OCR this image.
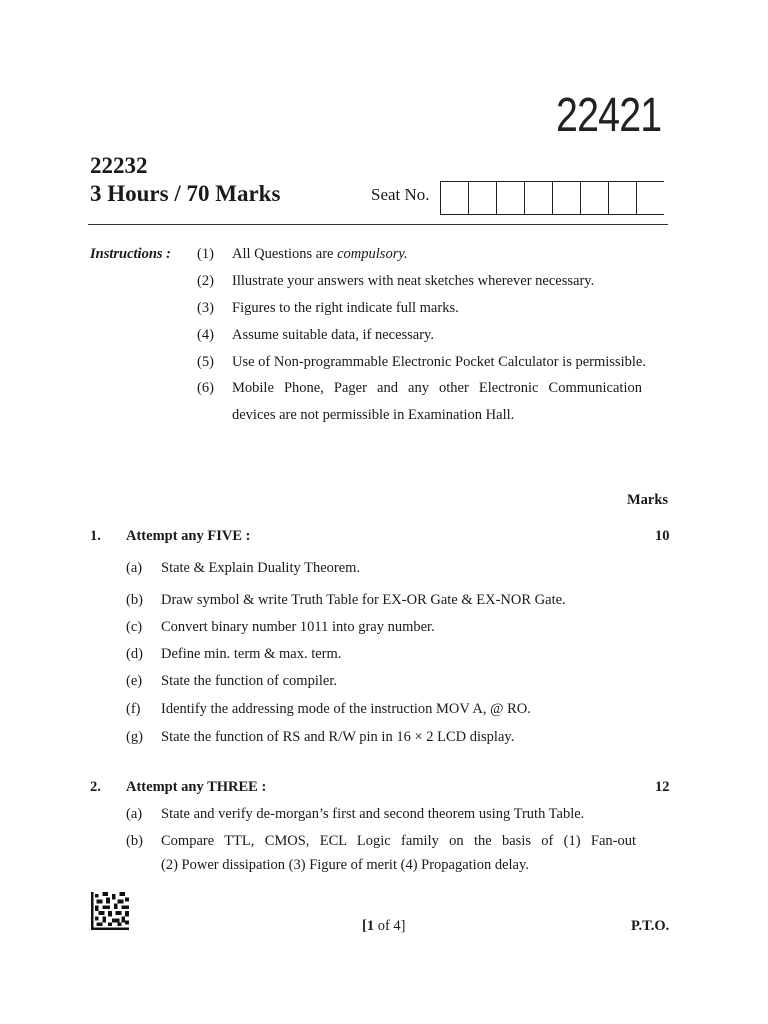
22421
22232
3 Hours / 70 Marks	Seat No.
Instructions : (1) All Questions are compulsory.
(2) Illustrate your answers with neat sketches wherever necessary.
(3) Figures to the right indicate full marks.
(4) Assume suitable data, if necessary.
(5) Use of Non-programmable Electronic Pocket Calculator is permissible.
(6) Mobile Phone, Pager and any other Electronic Communication
devices are not permissible in Examination Hall.
Marks
1. Attempt any FIVE :	10
(a) State & Explain Duality Theorem.
(b) Draw symbol & write Truth Table for EX-OR Gate & EX-NOR Gate.
(c) Convert binary number 1011 into gray number.
(d) Define min. term & max. term.
(e) State the function of compiler.
(f) Identify the addressing mode of the instruction MOV A, @ RO.
(g) State the function of RS and R/W pin in 16 × 2 LCD display.
2. Attempt any THREE :	12
(a) State and verify de-morgan’s first and second theorem using Truth Table.
(b) Compare TTL, CMOS, ECL Logic family on the basis of (1) Fan-out
(2) Power dissipation (3) Figure of merit (4) Propagation delay.
[1 of 4]	P.T.O.
